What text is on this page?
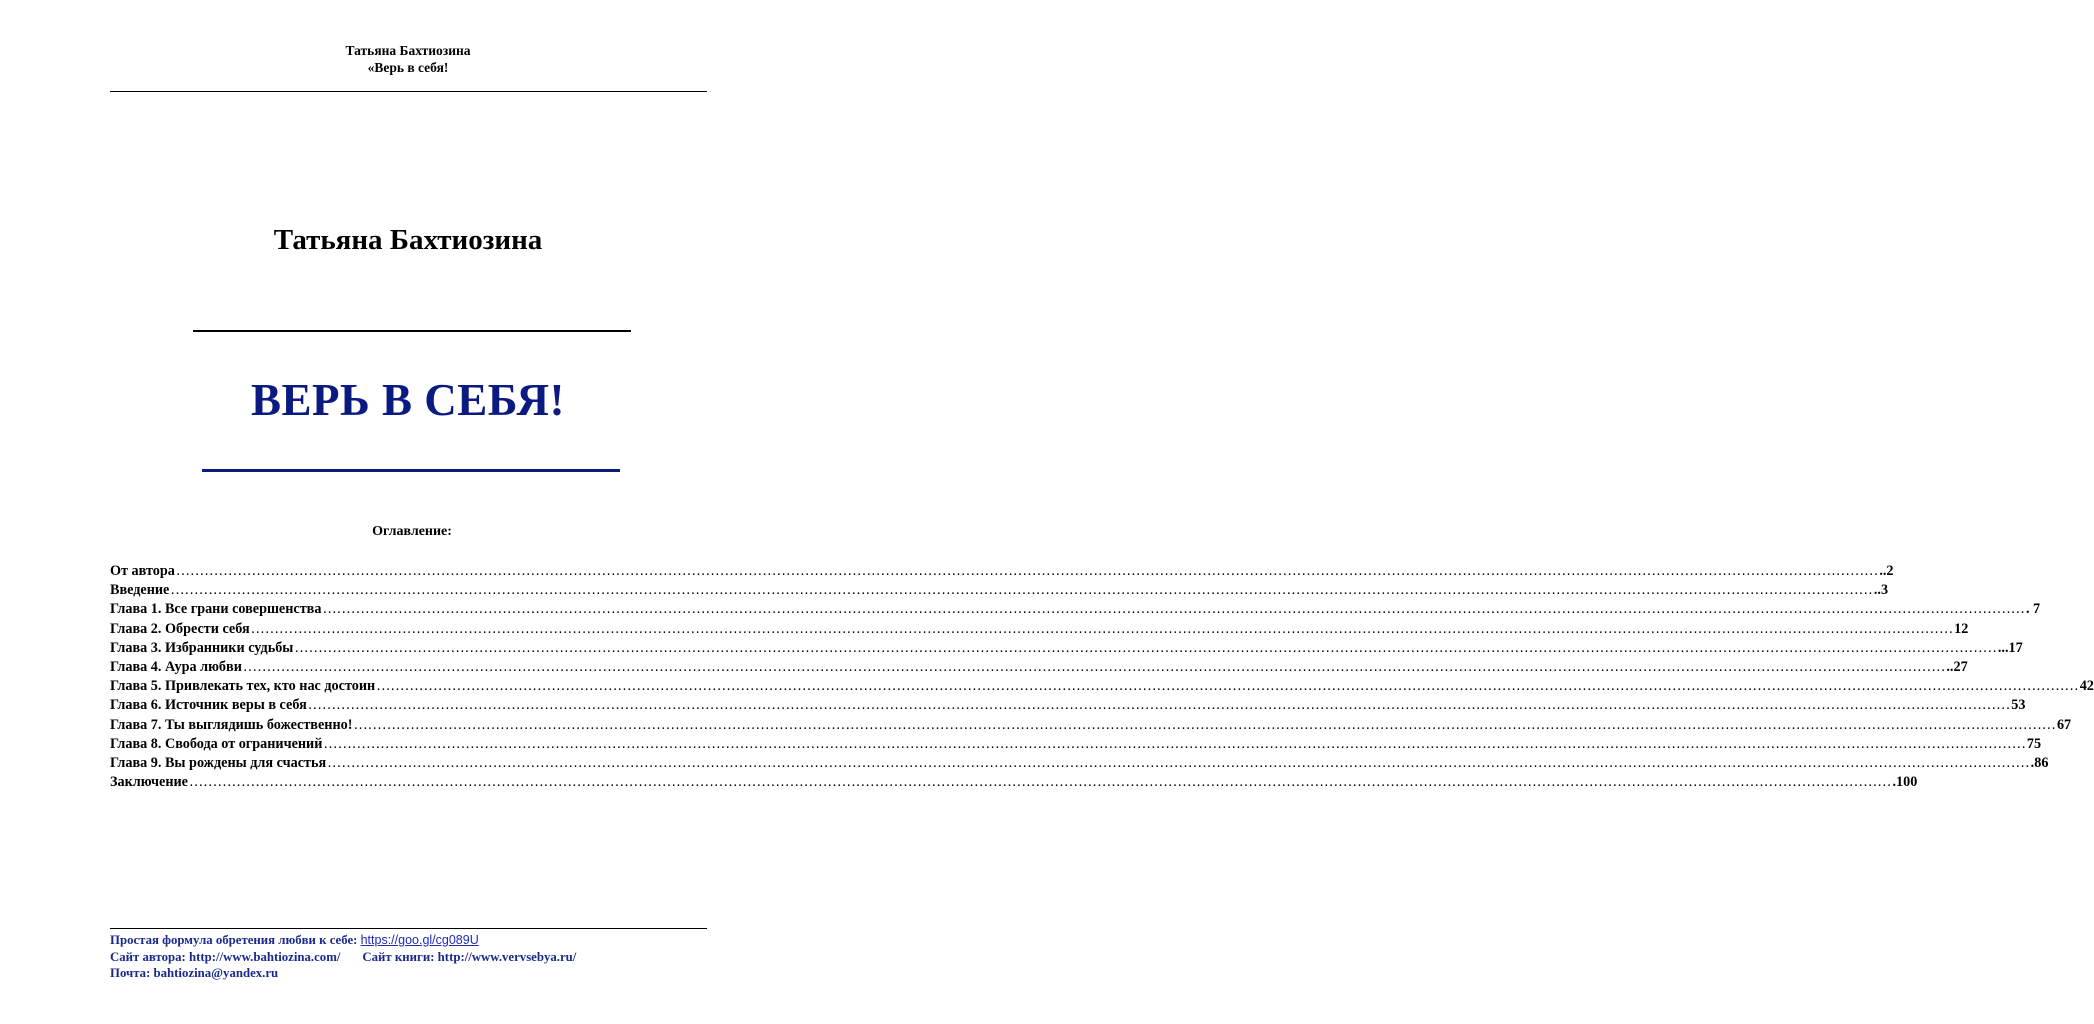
Татьяна Бахтиозина
«Верь в себя!
Татьяна Бахтиозина
ВЕРЬ В СЕБЯ!
Оглавление:
От автора ……………………………………………………………………………………………………………………………………………………………………………………………………………………………………………………………………………………………………………………………… ..2
Введение ……………………………………………………………………………………………………………………………………………………………………………………………………………………………………………………………………………………………………………………………… ..3
Глава 1. Все грани совершенства ……………………………………………………………………………………………………………………………………………………………………………………………………………………………………………………………………………………………………………………………… . 7
Глава 2. Обрести себя ……………………………………………………………………………………………………………………………………………………………………………………………………………………………………………………………………………………………………………………………… 12
Глава 3. Избранники судьбы ……………………………………………………………………………………………………………………………………………………………………………………………………………………………………………………………………………………………………………………………… ...17
Глава 4. Аура любви ……………………………………………………………………………………………………………………………………………………………………………………………………………………………………………………………………………………………………………………………… ..27
Глава 5. Привлекать тех, кто нас достоин ……………………………………………………………………………………………………………………………………………………………………………………………………………………………………………………………………………………………………………………………… 42
Глава 6. Источник веры в себя ……………………………………………………………………………………………………………………………………………………………………………………………………………………………………………………………………………………………………………………………… 53
Глава 7. Ты выглядишь божественно! ……………………………………………………………………………………………………………………………………………………………………………………………………………………………………………………………………………………………………………………………… 67
Глава 8. Свобода от ограничений ……………………………………………………………………………………………………………………………………………………………………………………………………………………………………………………………………………………………………………………………… 75
Глава 9. Вы рождены для счастья ……………………………………………………………………………………………………………………………………………………………………………………………………………………………………………………………………………………………………………………………… .86
Заключение ……………………………………………………………………………………………………………………………………………………………………………………………………………………………………………………………………………………………………………………………… .100
Простая формула обретения любви к себе: https://goo.gl/cg089U
Сайт автора: http://www.bahtiozina.com/ Сайт книги: http://www.vervsebya.ru/
Почта: bahtiozina@yandex.ru
